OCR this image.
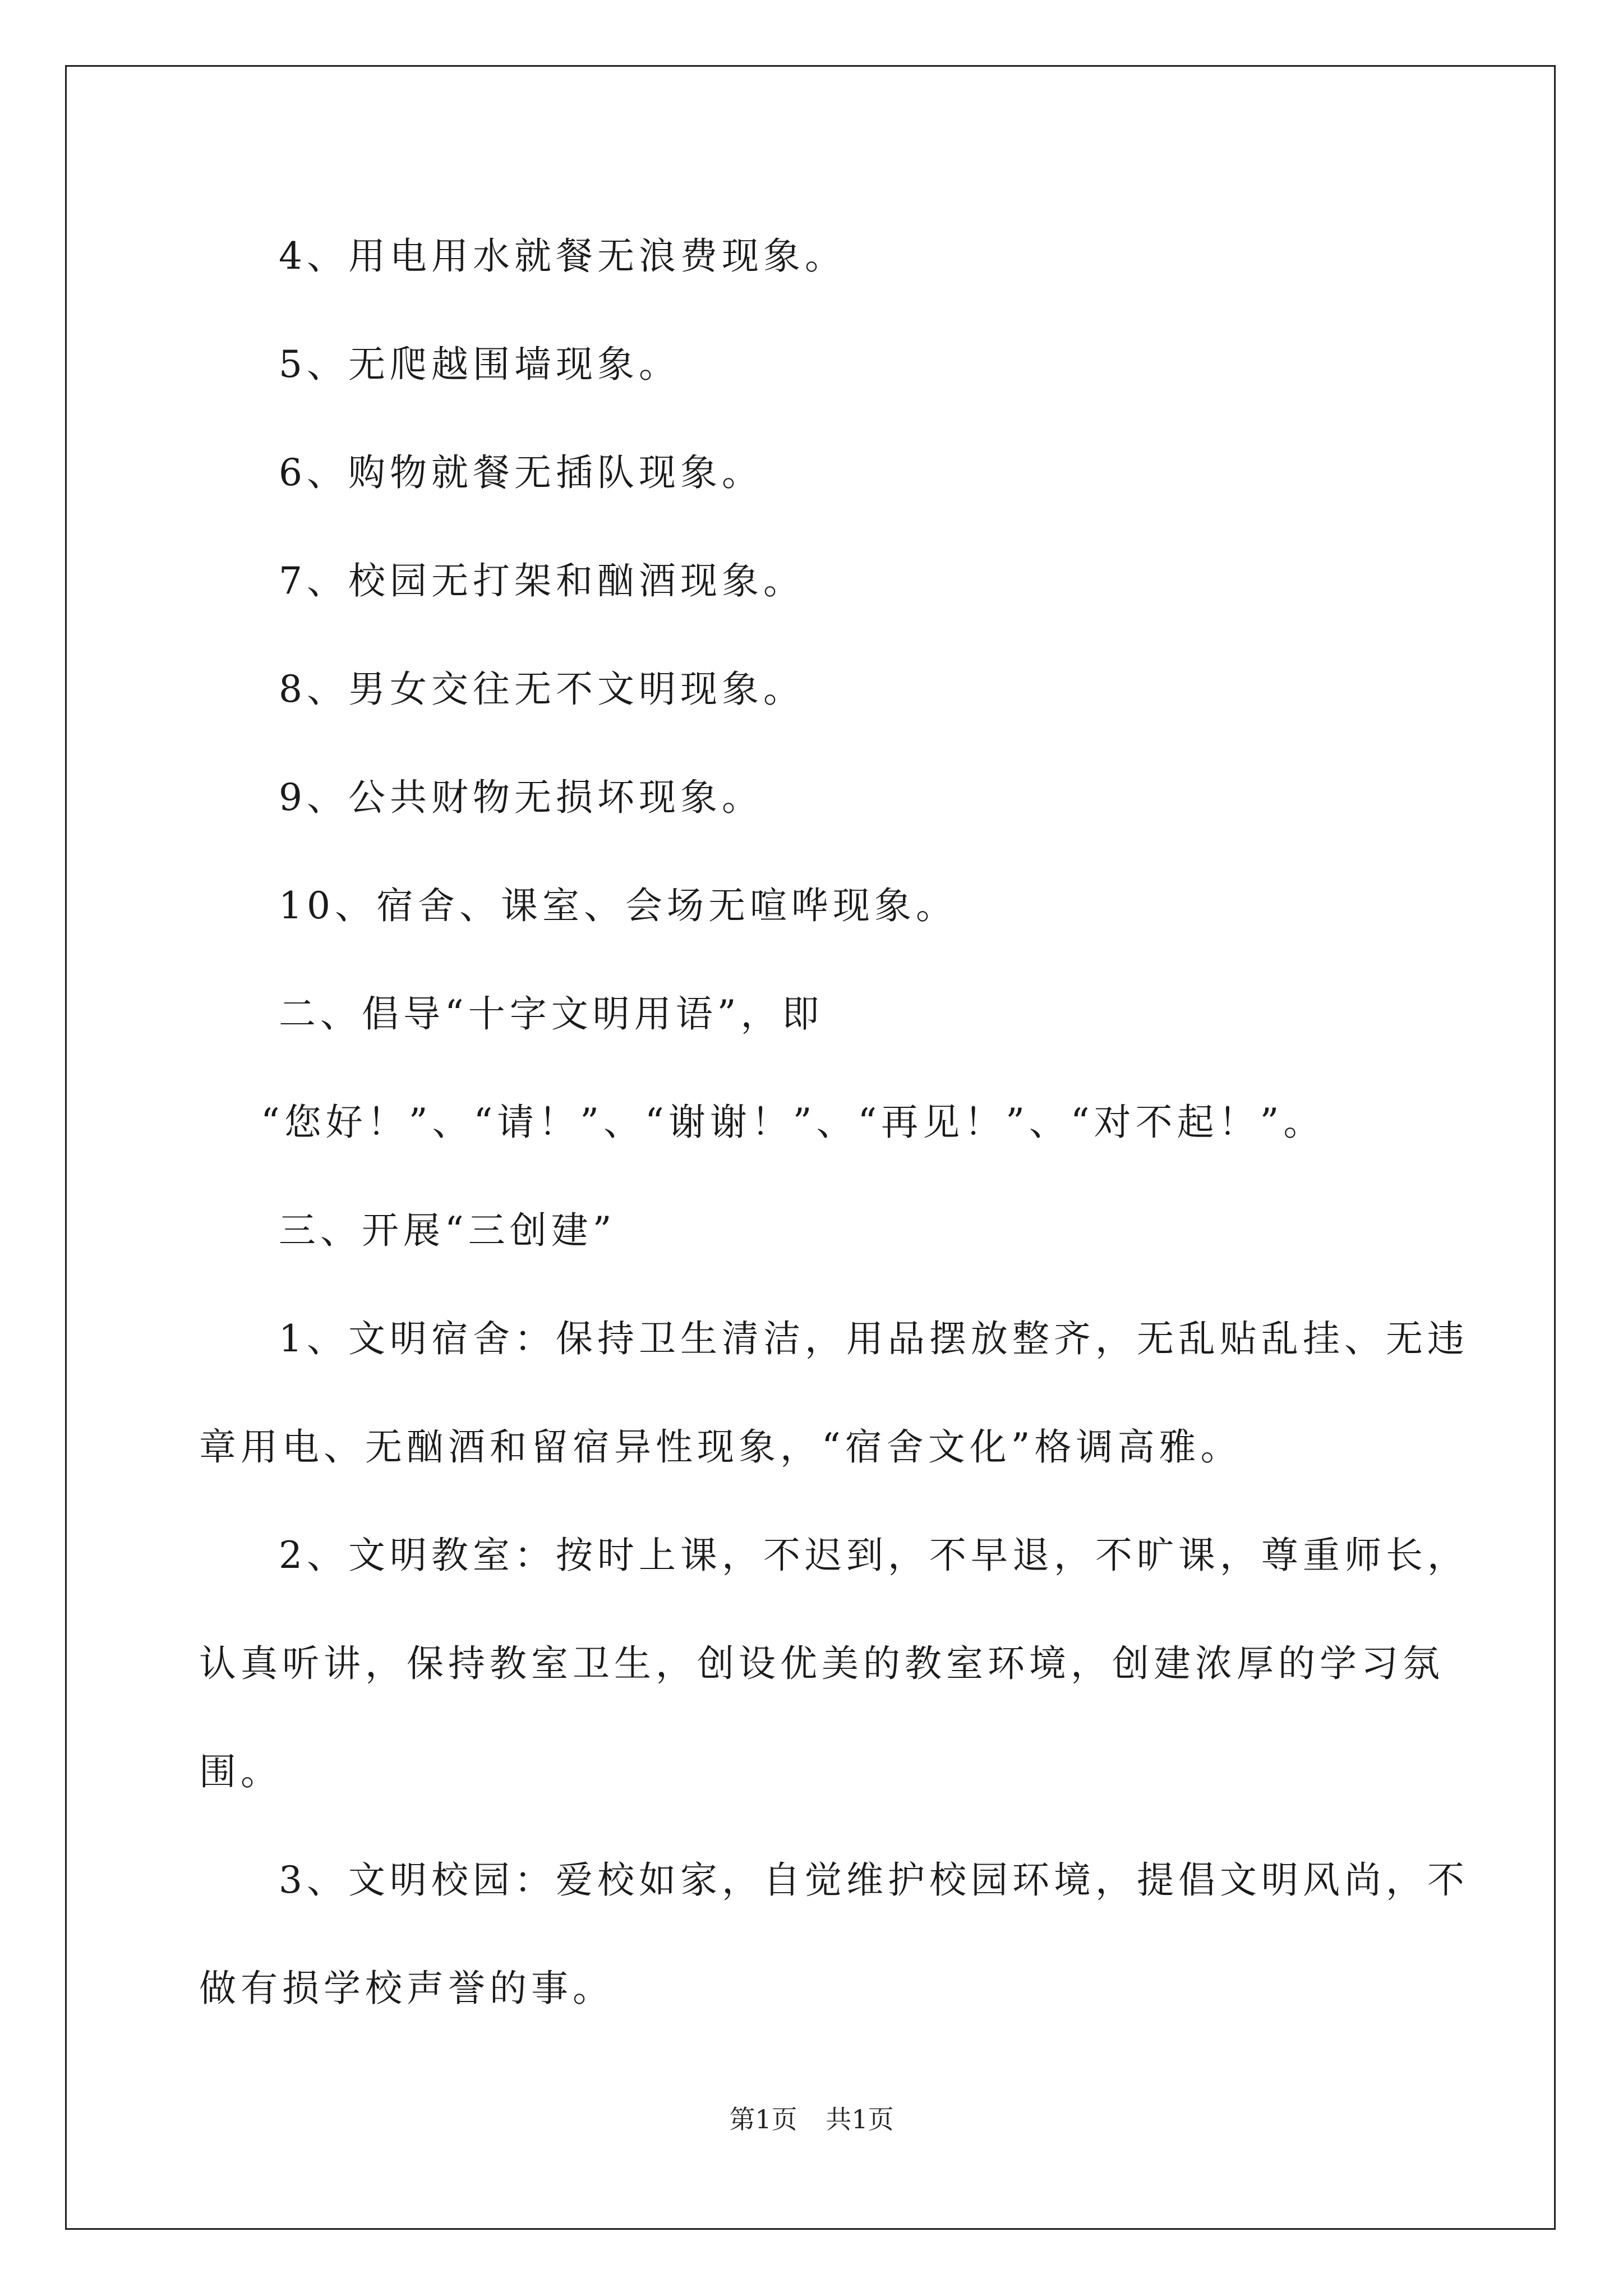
4、用电用水就餐无浪费现象。

5、无爬越围墙现象。

6、购物就餐无插队现象。

7、校园无打架和酗酒现象。

8、男女交往无不文明现象。

9、公共财物无损坏现象。

10、宿舍、课室、会场无喧哗现象。

二、倡导“十字文明用语”，即

“您好！”、“请！”、“谢谢！”、“再见！”、“对不起！”。

三、开展“三创建”

1、文明宿舍：保持卫生清洁，用品摆放整齐，无乱贴乱挂、无违

章用电、无酗酒和留宿异性现象，“宿舍文化”格调高雅。

2、文明教室：按时上课，不迟到，不早退，不旷课，尊重师长，

认真听讲，保持教室卫生，创设优美的教室环境，创建浓厚的学习氛

围。

3、文明校园：爱校如家，自觉维护校园环境，提倡文明风尚，不

做有损学校声誉的事。

第1页 共1页
